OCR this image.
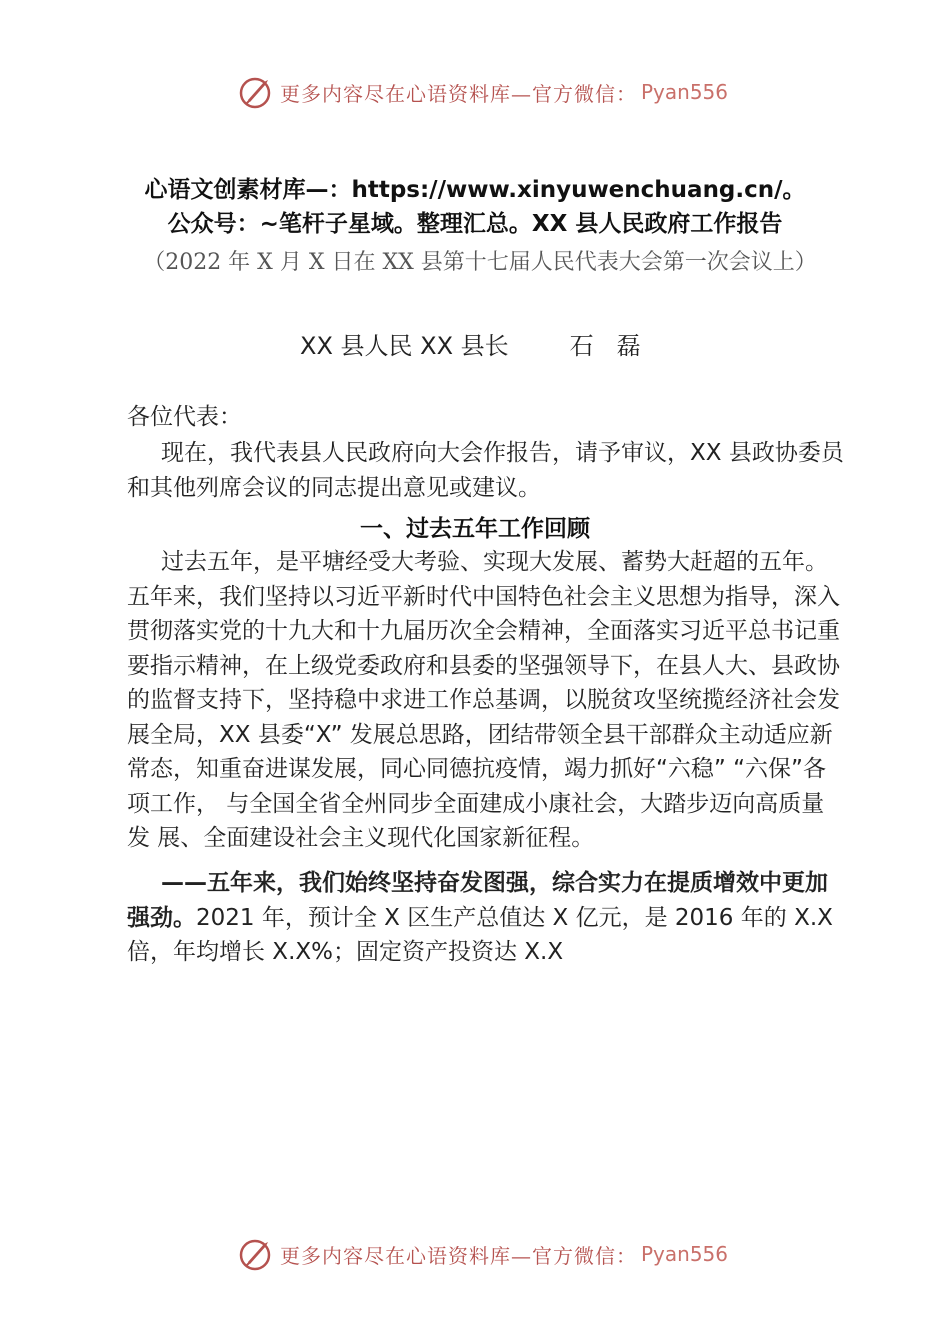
更多内容尽在心语资料库—官方微信： Pyan556
心语文创素材库—：https://www.xinyuwenchuang.cn/。
公众号：~笔杆子星域。整理汇总。XX 县人民政府工作报告
（2022 年 X 月 X 日在 XX 县第十七届人民代表大会第一次会议上）
XX 县人民 XX 县长        石   磊
各位代表：
现在，我代表县人民政府向大会作报告，请予审议，XX 县政协委员和其他列席会议的同志提出意见或建议。
一、过去五年工作回顾
过去五年，是平塘经受大考验、实现大发展、蓄势大赶超的五年。五年来，我们坚持以习近平新时代中国特色社会主义思想为指导，深入贯彻落实党的十九大和十九届历次全会精神，全面落实习近平总书记重要指示精神，在上级党委政府和县委的坚强领导下，在县人大、县政协的监督支持下，坚持稳中求进工作总基调，以脱贫攻坚统揽经济社会发展全局，XX 县委“X” 发展总思路，团结带领全县干部群众主动适应新常态，知重奋进谋发展，同心同德抗疫情，竭力抓好“六稳” “六保”各项工作， 与全国全省全州同步全面建成小康社会，大踏步迈向高质量发 展、全面建设社会主义现代化国家新征程。
——五年来，我们始终坚持奋发图强，综合实力在提质增效中更加强劲。2021 年，预计全 X 区生产总值达 X 亿元，是 2016 年的 X.X 倍，年均增长 X.X%；固定资产投资达 X.X
更多内容尽在心语资料库—官方微信： Pyan556
